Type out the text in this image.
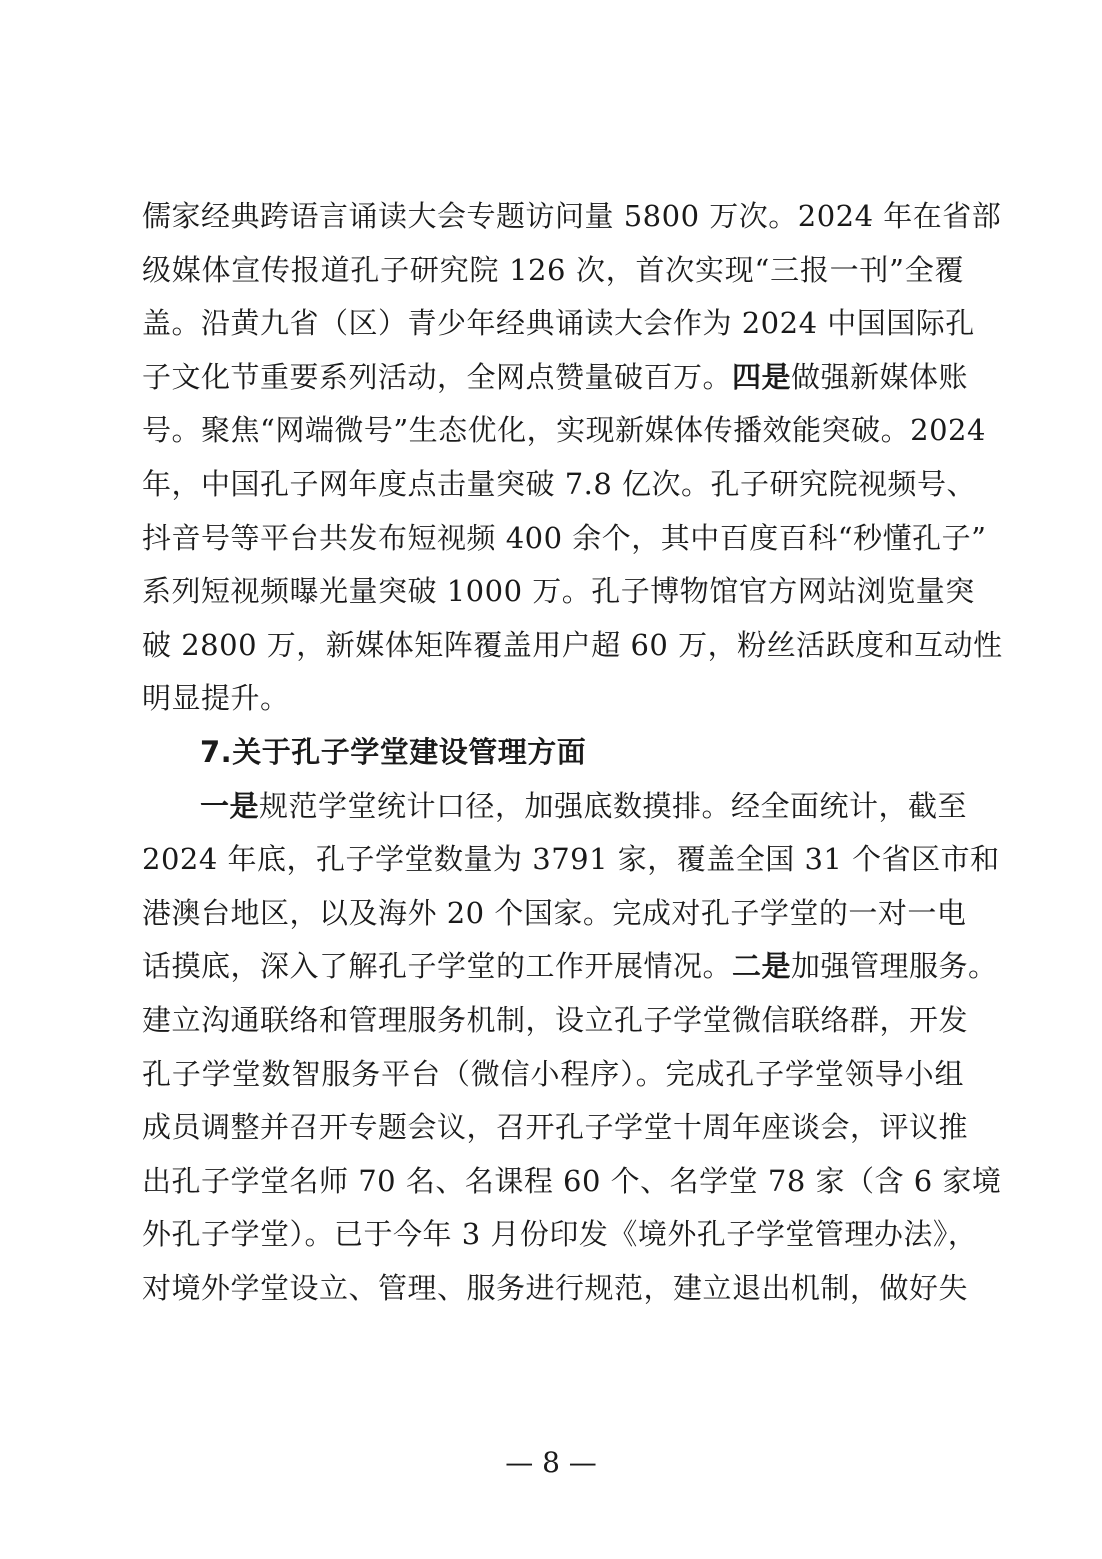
儒家经典跨语言诵读大会专题访问量 5800 万次。2024 年在省部
级媒体宣传报道孔子研究院 126 次，首次实现“三报一刊”全覆
盖。沿黄九省（区）青少年经典诵读大会作为 2024 中国国际孔
子文化节重要系列活动，全网点赞量破百万。四是做强新媒体账
号。聚焦“网端微号”生态优化，实现新媒体传播效能突破。2024
年，中国孔子网年度点击量突破 7.8 亿次。孔子研究院视频号、
抖音号等平台共发布短视频 400 余个，其中百度百科“秒懂孔子”
系列短视频曝光量突破 1000 万。孔子博物馆官方网站浏览量突
破 2800 万，新媒体矩阵覆盖用户超 60 万，粉丝活跃度和互动性
明显提升。
7.关于孔子学堂建设管理方面
一是规范学堂统计口径，加强底数摸排。经全面统计，截至
2024 年底，孔子学堂数量为 3791 家，覆盖全国 31 个省区市和
港澳台地区，以及海外 20 个国家。完成对孔子学堂的一对一电
话摸底，深入了解孔子学堂的工作开展情况。二是加强管理服务。
建立沟通联络和管理服务机制，设立孔子学堂微信联络群，开发
孔子学堂数智服务平台（微信小程序）。完成孔子学堂领导小组
成员调整并召开专题会议，召开孔子学堂十周年座谈会，评议推
出孔子学堂名师 70 名、名课程 60 个、名学堂 78 家（含 6 家境
外孔子学堂）。已于今年 3 月份印发《境外孔子学堂管理办法》，
对境外学堂设立、管理、服务进行规范，建立退出机制，做好失
— 8 —
